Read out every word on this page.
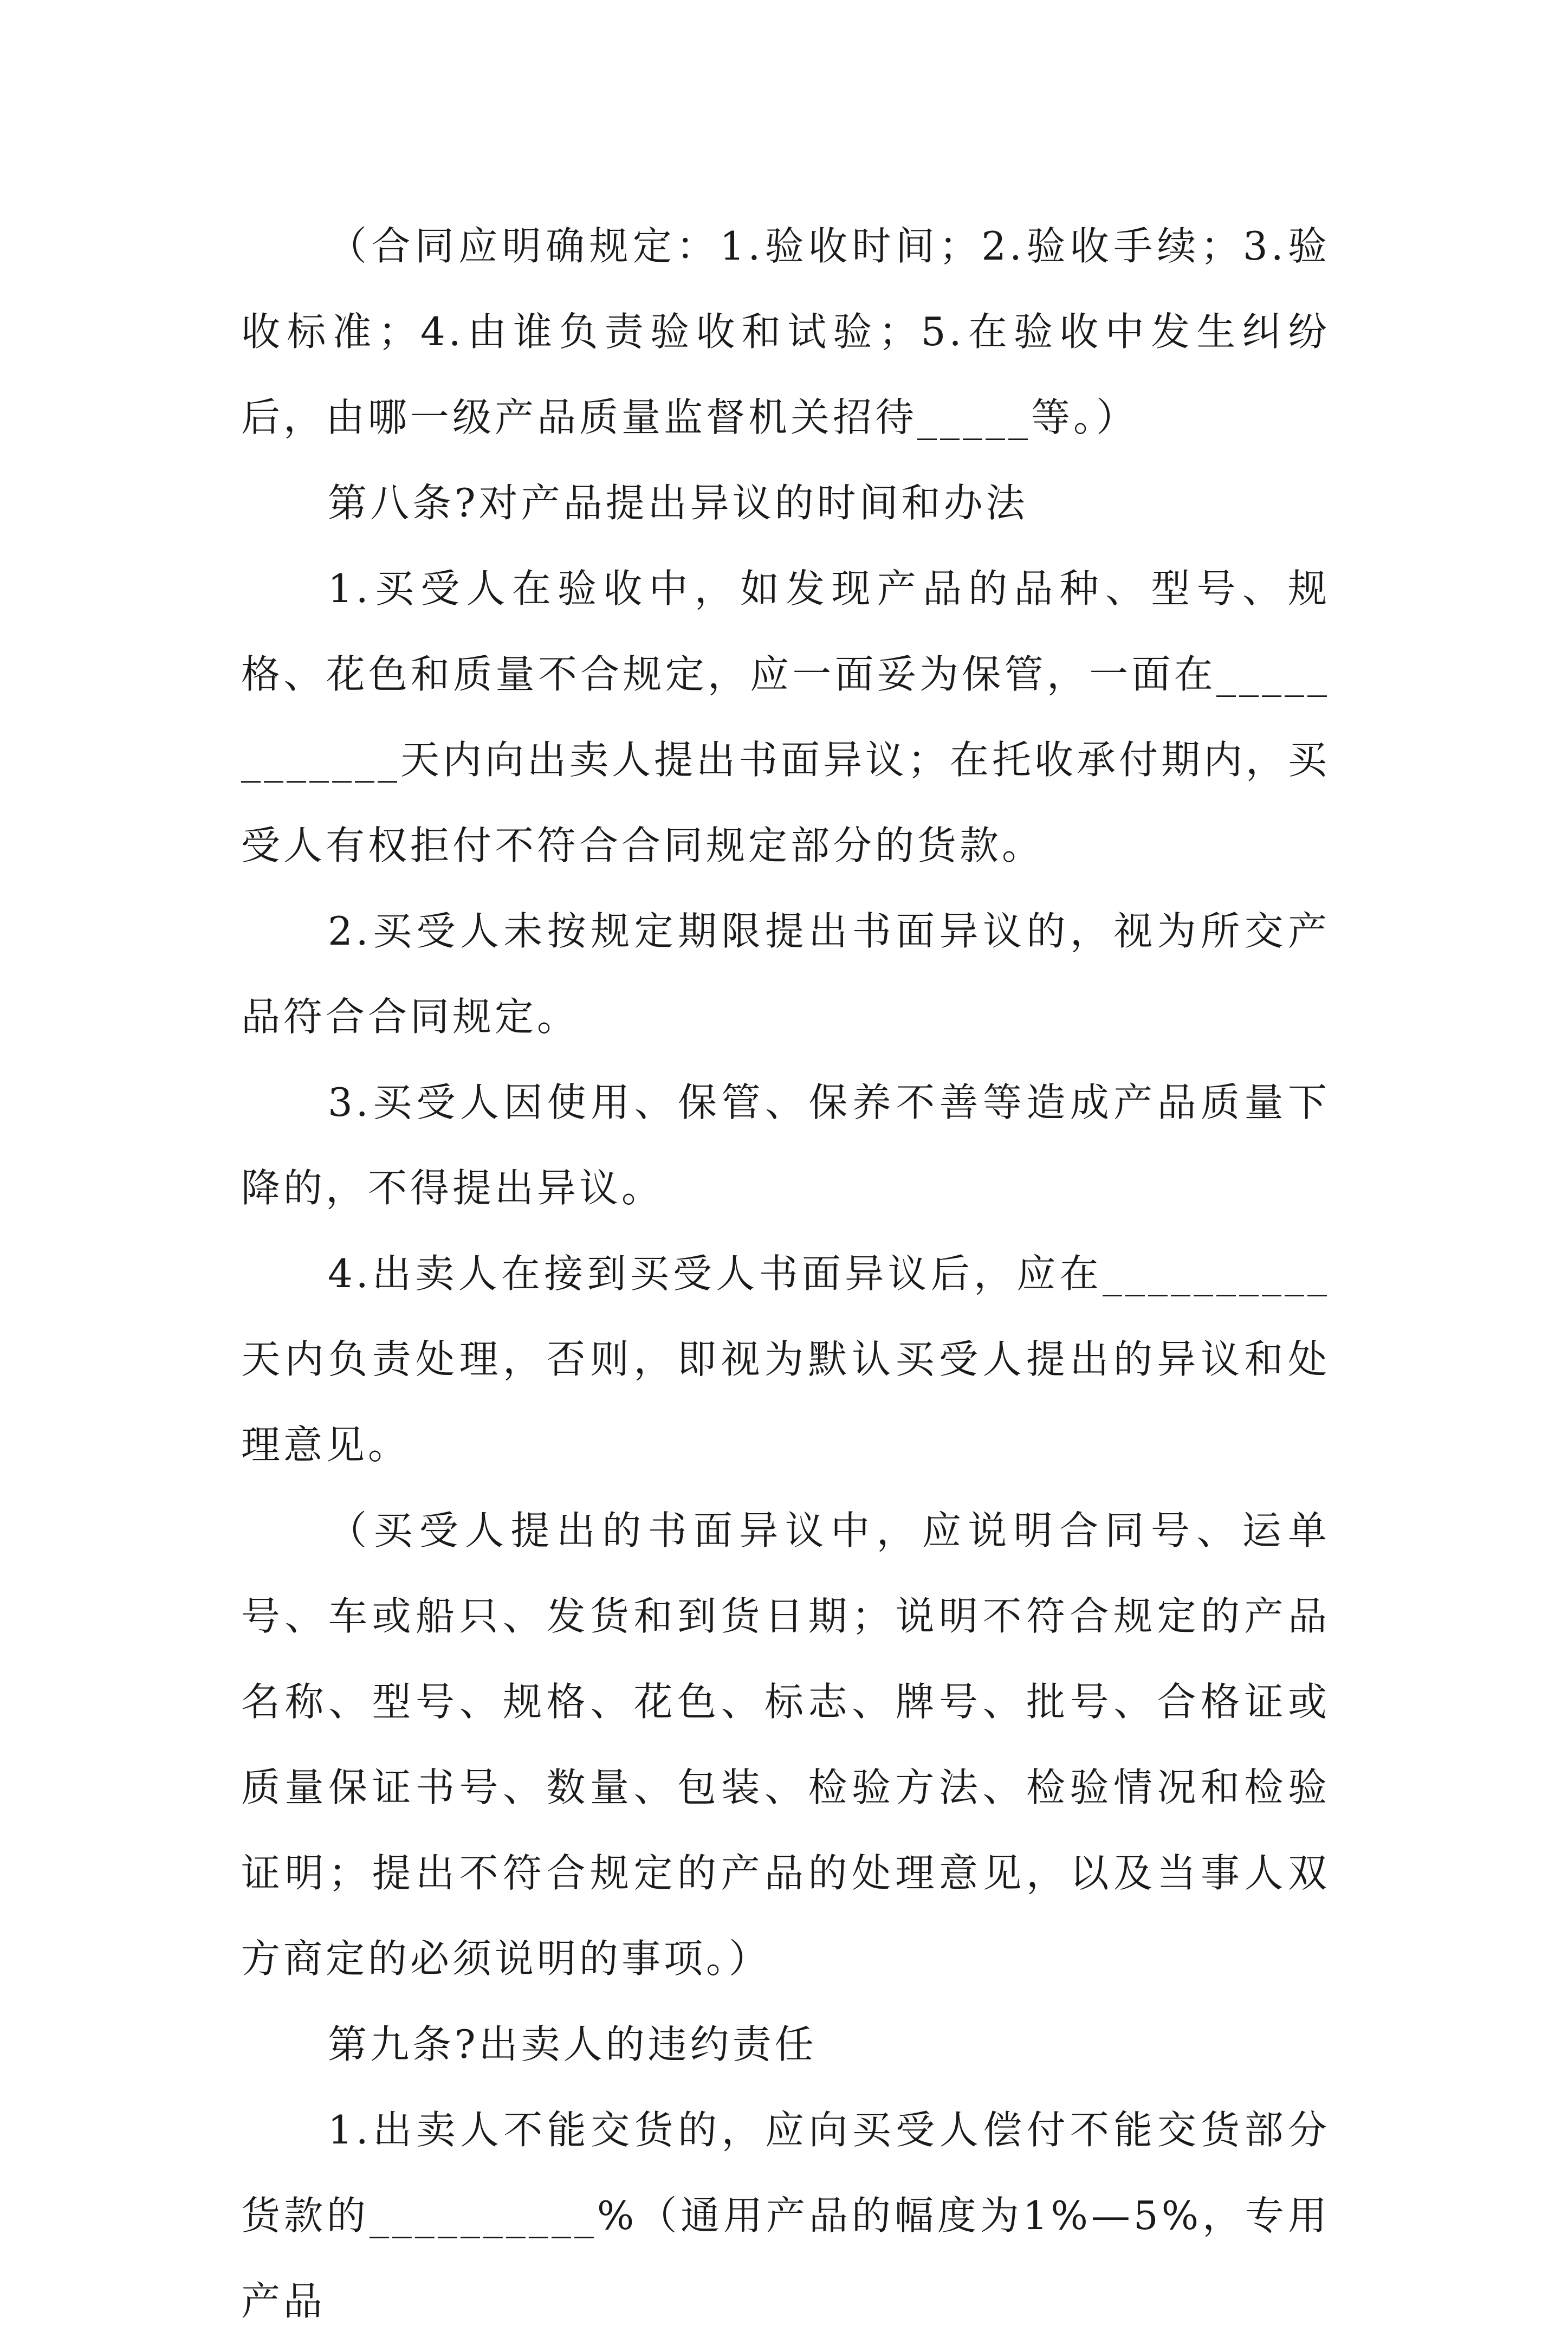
（合同应明确规定：1.验收时间；2.验收手续；3.验收标准；4.由谁负责验收和试验；5.在验收中发生纠纷后，由哪一级产品质量监督机关招待_____等。）

第八条?对产品提出异议的时间和办法

1.买受人在验收中，如发现产品的品种、型号、规格、花色和质量不合规定，应一面妥为保管，一面在____________天内向出卖人提出书面异议；在托收承付期内，买受人有权拒付不符合合同规定部分的货款。

2.买受人未按规定期限提出书面异议的，视为所交产品符合合同规定。

3.买受人因使用、保管、保养不善等造成产品质量下降的，不得提出异议。

4.出卖人在接到买受人书面异议后，应在__________天内负责处理，否则，即视为默认买受人提出的异议和处理意见。

（买受人提出的书面异议中，应说明合同号、运单号、车或船只、发货和到货日期；说明不符合规定的产品名称、型号、规格、花色、标志、牌号、批号、合格证或质量保证书号、数量、包装、检验方法、检验情况和检验证明；提出不符合规定的产品的处理意见，以及当事人双方商定的必须说明的事项。）

第九条?出卖人的违约责任

1.出卖人不能交货的，应向买受人偿付不能交货部分货款的__________%（通用产品的幅度为1%—5%，专用产品
